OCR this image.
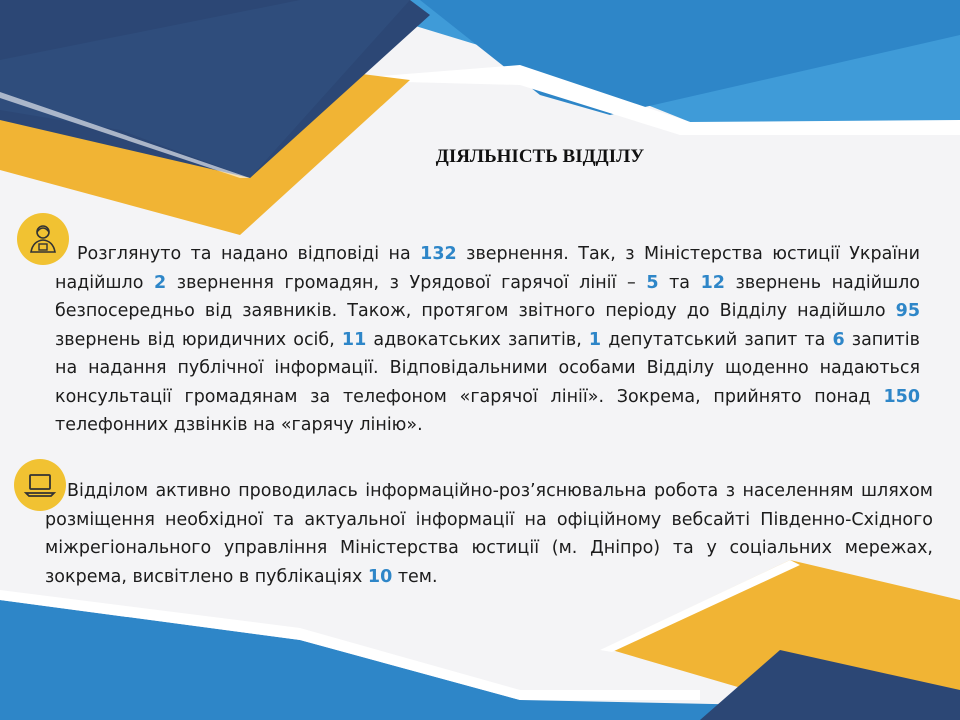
ДІЯЛЬНІСТЬ ВІДДІЛУ

Розглянуто та надано відповіді на 132 звернення. Так, з Міністерства юстиції України надійшло 2 звернення громадян, з Урядової гарячої лінії – 5 та 12 звернень надійшло безпосередньо від заявників. Також, протягом звітного періоду до Відділу надійшло 95 звернень від юридичних осіб, 11 адвокатських запитів, 1 депутатський запит та 6 запитів на надання публічної інформації. Відповідальними особами Відділу щоденно надаються консультації громадянам за телефоном «гарячої лінії». Зокрема, прийнято понад 150 телефонних дзвінків на «гарячу лінію».

Відділом активно проводилась інформаційно-роз’яснювальна робота з населенням шляхом розміщення необхідної та актуальної інформації на офіційному вебсайті Південно-Східного міжрегіонального управління Міністерства юстиції (м. Дніпро) та у соціальних мережах, зокрема, висвітлено в публікаціях 10 тем.
